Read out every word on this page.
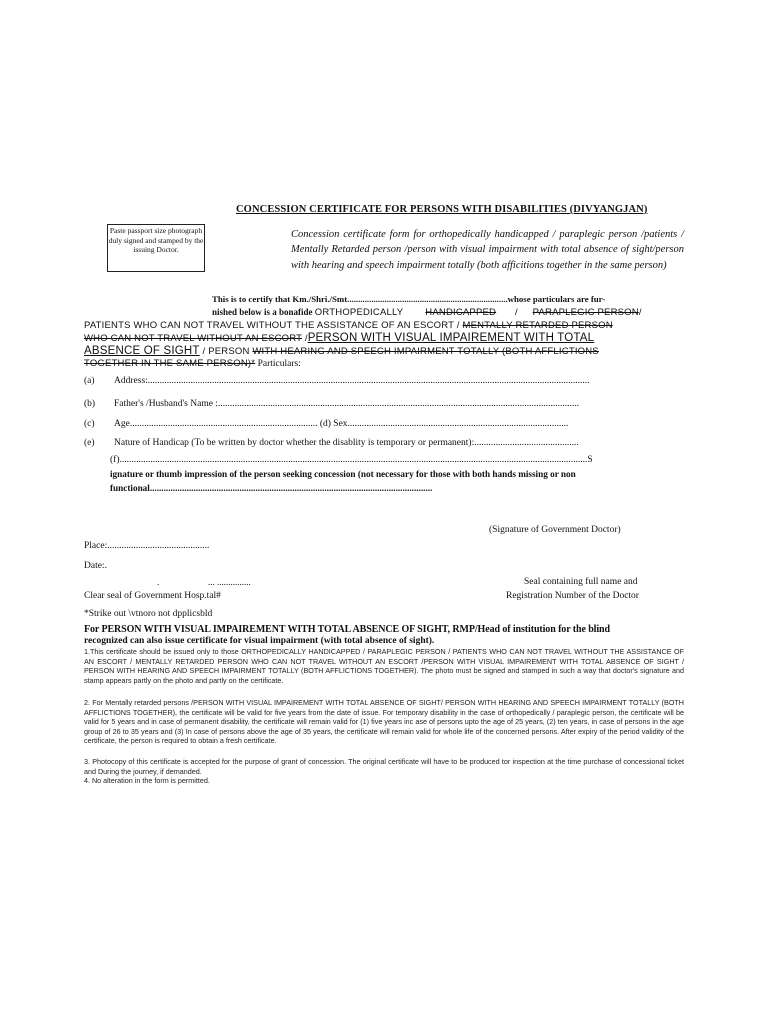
CONCESSION CERTIFICATE FOR PERSONS WITH DISABILITIES (DIVYANGJAN)
Paste passport size photograph duly signed and stamped by the issuing Doctor.
Concession certificate form for orthopedically handicapped / paraplegic person /patients / Mentally Retarded person /person with visual impairment with total absence of sight/person with hearing and speech impairment totally (both afficitions together in the same person)
This is to certify that Km./Shri./Smt.........................................................................whose particulars are fur-
nished below is a bonafide ORTHOPEDICALLY HANDICAPPED / PARAPLEGIC PERSON/
PATIENTS WHO CAN NOT TRAVEL WITHOUT THE ASSISTANCE OF AN ESCORT / MENTALLY RETARDED PERSON
WHO CAN NOT TRAVEL WITHOUT AN ESCORT /PERSON WITH VISUAL IMPAIREMENT WITH TOTAL
ABSENCE OF SIGHT / PERSON WITH HEARING AND SPEECH IMPAIRMENT TOTALLY (BOTH AFFLICTIONS
TOGETHER IN THE SAME PERSON)* Particulars:
(a) Address:..........................................................................................................................................................................................
(b) Father's /Husband's Name :........................................................................................................................................................
(c) Age............................................................................... (d) Sex.............................................................................................
(e) Nature of Handicap (To be written by doctor whether the disablity is temporary or permanent):............................................
(f).....................................................................................................................................................................................................S
ignature or thumb impression of the person seeking concession (not necessary for those with both hands missing or non
functional...........................................................................................................................
(Signature of Government Doctor)
Place:...........................................
Date:.
.	... ...............
Clear seal of Government Hosp.tal#
Seal containing full name and
Registration Number of the Doctor
*Strike out \vtnoro not dpplicsbld
For PERSON WITH VISUAL IMPAIREMENT WITH TOTAL ABSENCE OF SIGHT, RMP/Head of institution for the blind
recognized can also issue certificate for visual impairment (with total absence of sight).
1.This certificate should be issued only to those ORTHOPEDICALLY HANDICAPPED / PARAPLEGIC PERSON / PATIENTS WHO CAN NOT TRAVEL WITHOUT THE ASSISTANCE OF AN ESCORT / MENTALLY RETARDED PERSON WHO CAN NOT TRAVEL WITHOUT AN ESCORT /PERSON WITH VISUAL IMPAIREMENT WITH TOTAL ABSENCE OF SIGHT / PERSON WITH HEARING AND SPEECH IMPAIRMENT TOTALLY (BOTH AFFLICTIONS TOGETHER). The photo must be signed and stamped in such a way that doctor's signature and stamp appears partly on the photo and partly on the certificate.
2. For Mentally retarded persons /PERSON WITH VISUAL IMPAIREMENT WITH TOTAL ABSENCE OF SIGHT/ PERSON WITH HEARING AND SPEECH IMPAIRMENT TOTALLY (BOTH AFFLICTIONS TOGETHER), the certificate will be valid for five years from the date of issue. For temporary disability in the case of orthopedically / paraplegic person, the certificate will be valid for 5 years and in case of permanent disability, the certificate will remain valid for (1) five years inc ase of persons upto the age of 25 years, (2) ten years, in case of persons in the age group of 26 to 35 years and (3) In case of persons above the age of 35 years, the certificate will remain valid for whole life of the concerned persons. After expiry of the period validity of the certificate, the person is required to obtain a fresh certificate.
3. Photocopy of this certificate is accepted for the purpose of grant of concession. The original certificate will have to be produced tor inspection at the time purchase of concessional ticket and During the journey, if demanded.
4. No alteration in the form is permitted.
